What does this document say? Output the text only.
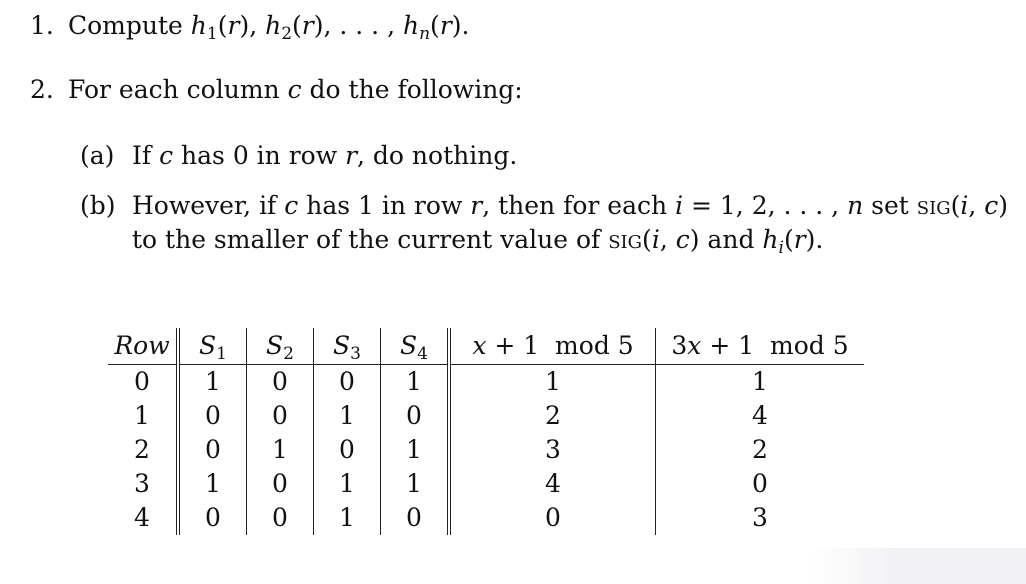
1. Compute $h_1(r)$, $h_2(r)$, . . . , $h_n(r)$.
2. For each column c do the following:
(a) If c has 0 in row r, do nothing.
(b) However, if c has 1 in row r, then for each i = 1, 2, . . . , n set sig(i, c)
to the smaller of the current value of sig(i, c) and $h_i(r)$.
Row	S1	S2	S3	S4	x + 1  mod 5	3x + 1  mod 5
0	1	0	0	1	1	1
1	0	0	1	0	2	4
2	0	1	0	1	3	2
3	1	0	1	1	4	0
4	0	0	1	0	0	3
